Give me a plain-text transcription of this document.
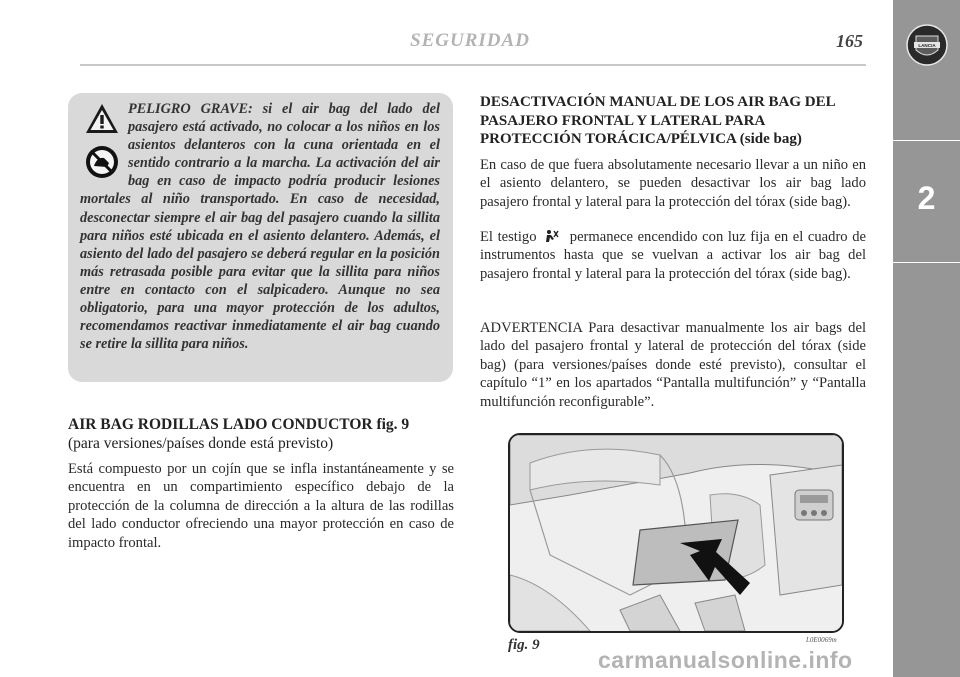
SEGURIDAD	165
2
LANCIA

PELIGRO GRAVE: si el air bag del lado del pasajero está activado, no colocar a los niños en los asientos delanteros con la cuna orientada en el sentido contrario a la marcha. La activación del air bag en caso de impacto podría producir lesiones mortales al niño transportado. En caso de necesidad, desconectar siempre el air bag del pasajero cuando la sillita para niños esté ubicada en el asiento delantero. Además, el asiento del lado del pasajero se deberá regular en la posición más retrasada posible para evitar que la sillita para niños entre en contacto con el salpicadero. Aunque no sea obligatorio, para una mayor protección de los adultos, recomendamos reactivar inmediatamente el air bag cuando se retire la sillita para niños.

AIR BAG RODILLAS LADO CONDUCTOR fig. 9

(para versiones/países donde está previsto)

Está compuesto por un cojín que se infla instantáneamente y se encuentra en un compartimiento específico debajo de la protección de la columna de dirección a la altura de las rodillas del lado conductor ofreciendo una mayor protección en caso de impacto frontal.

DESACTIVACIÓN MANUAL DE LOS AIR BAG DEL PASAJERO FRONTAL Y LATERAL PARA PROTECCIÓN TORÁCICA/PÉLVICA (side bag)

En caso de que fuera absolutamente necesario llevar a un niño en el asiento delantero, se pueden desactivar los air bag lado pasajero frontal y lateral para la protección del tórax (side bag).

El testigo permanece encendido con luz fija en el cuadro de instrumentos hasta que se vuelvan a activar los air bag del pasajero frontal y lateral para la protección del tórax (side bag).

ADVERTENCIA Para desactivar manualmente los air bags del lado del pasajero frontal y lateral de protección del tórax (side bag) (para versiones/países donde esté previsto), consultar el capítulo “1” en los apartados “Pantalla multifunción” y “Pantalla multifunción reconfigurable”.

fig. 9	L0E0069m
carmanualsonline.info
